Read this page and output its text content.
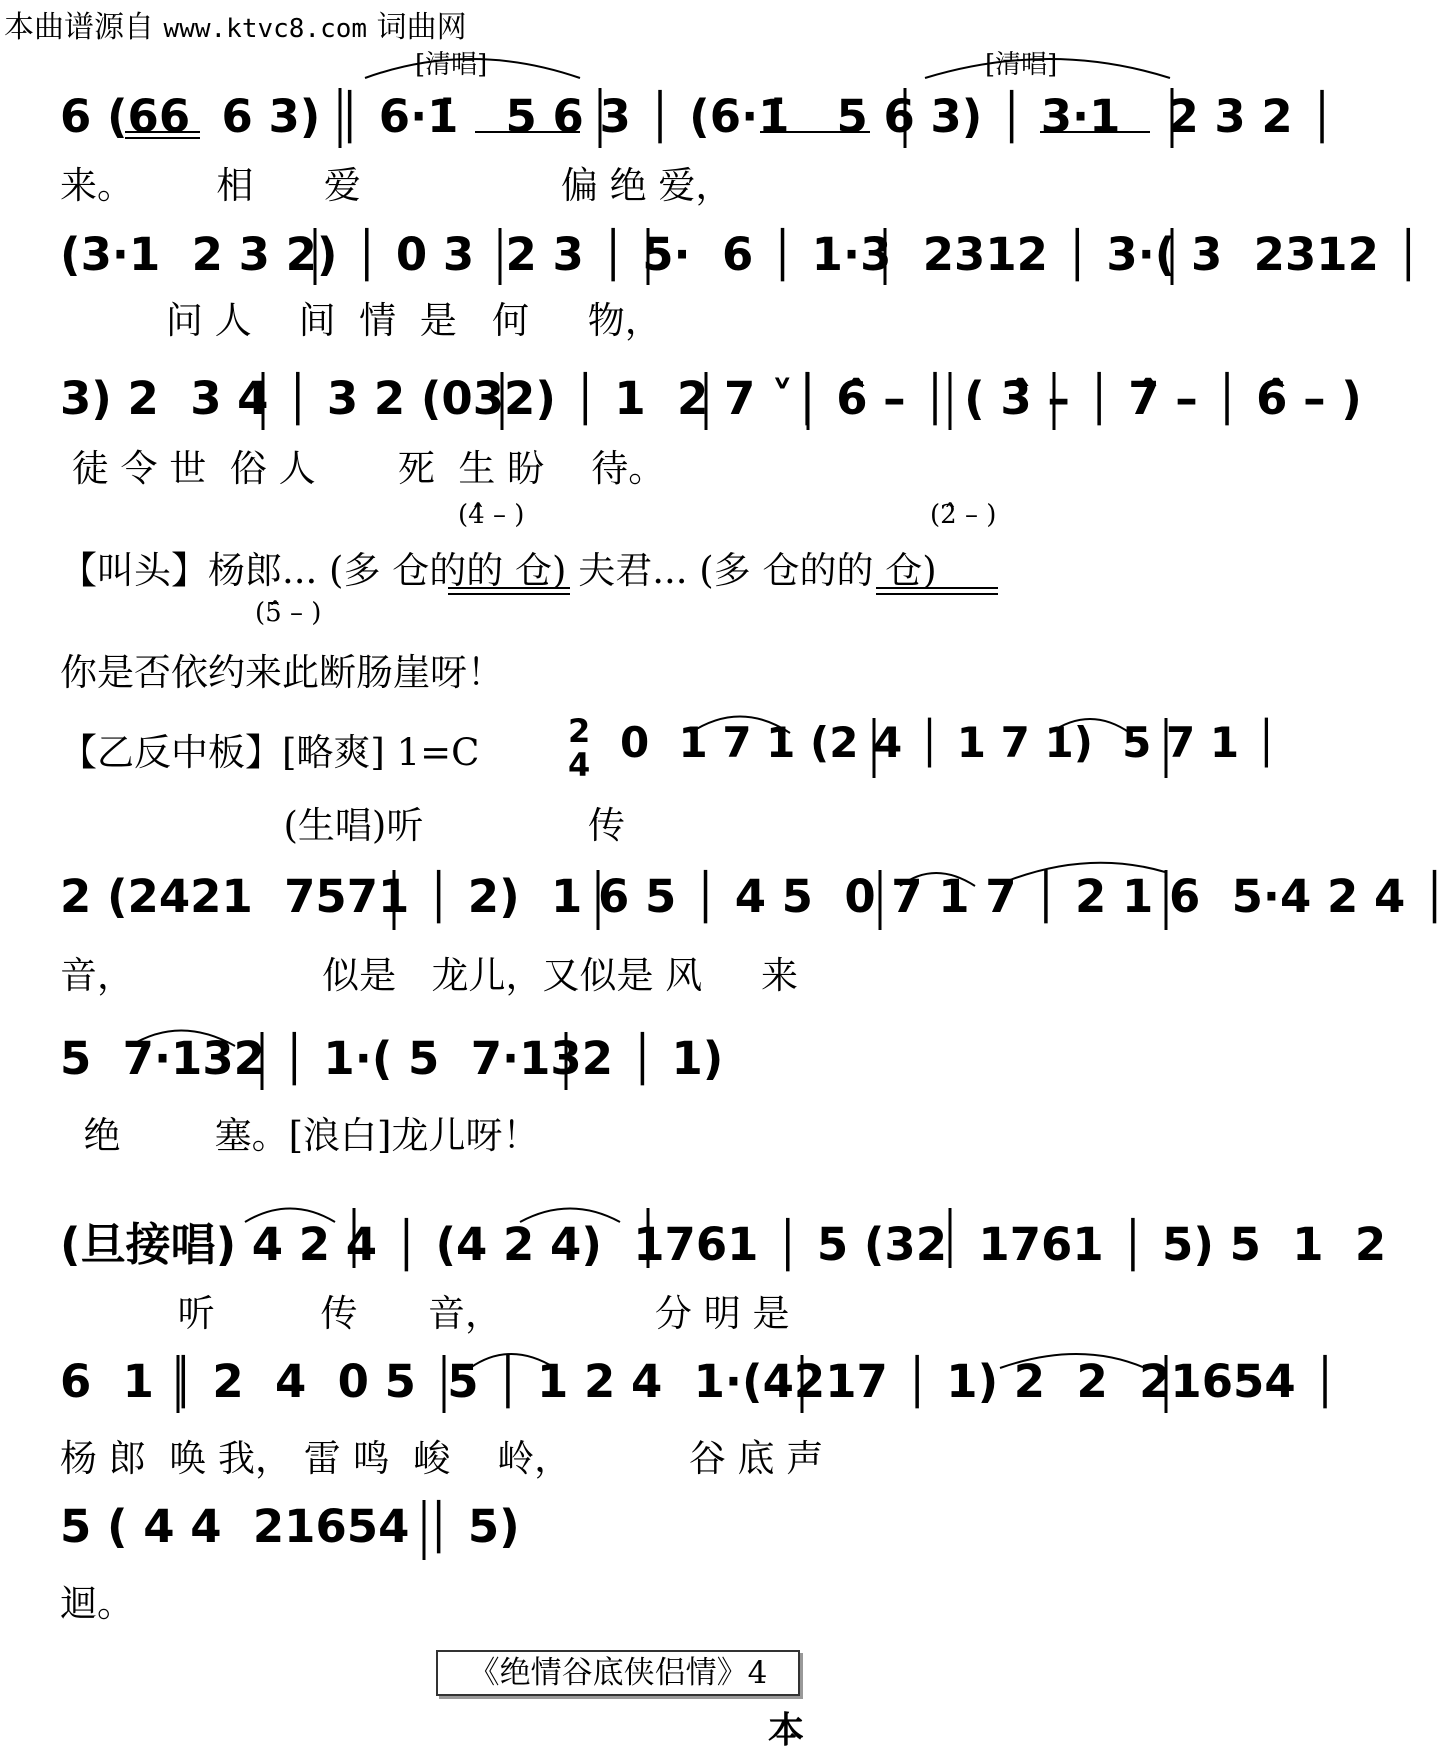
本曲谱源自 www.ktvc8.com 词曲网
[清唱]	[清唱]
6 (66  6 3) │ 6·1̇   5 6 3 │ (6·1̇   5 6 3) │ 3·1   2 3 2 │
来。       相      爱                 偏 绝 爱，
(3·1  2 3 2) │ 0 3  2 3 │ 5·  6 │ 1·3  2312 │ 3·( 3  2312 │
问 人    间  情  是   何     物，
3) 2  3 4 │ 3 2 (032) │ 1  2 7 ˅│ 6̂ – │ ( 3̂ – │ 7̂ – │ 6̂ – )
徒 令 世  俗 人       死  生 盼    待。
(4̂ – )	(2̂ – )
【叫头】杨郎... (多 仓的的 仓) 夫君... (多 仓的的 仓)
(5̂ – )
你是否依约来此断肠崖呀！
【乙反中板】[略爽] 1=C	2
4 0  1 7 1 (2 4 │ 1 7 1)  5 7 1 │
(生唱)听              传
2 (2421  7571 │ 2)  1 6 5 │ 4 5  0 7 1 7 │ 2 1 6  5·4 2 4 │
音，                似是   龙儿，又似是 风     来
5  7·132 │ 1·( 5  7·132 │ 1)
绝        塞。[浪白]龙儿呀！
(旦接唱) 4 2 4 │ (4 2 4)  1761 │ 5 (32  1761 │ 5) 5  1  2
听         传      音，             分 明 是
6  1 │ 2  4  0 5  5 │ 1 2 4  1·(4217 │ 1) 2  2  21654 │
杨 郎  唤 我， 雷 鸣  峻    岭，          谷 底 声
5 ( 4 4  21654 │ 5)
迴。
《绝情谷底侠侣情》4
本
